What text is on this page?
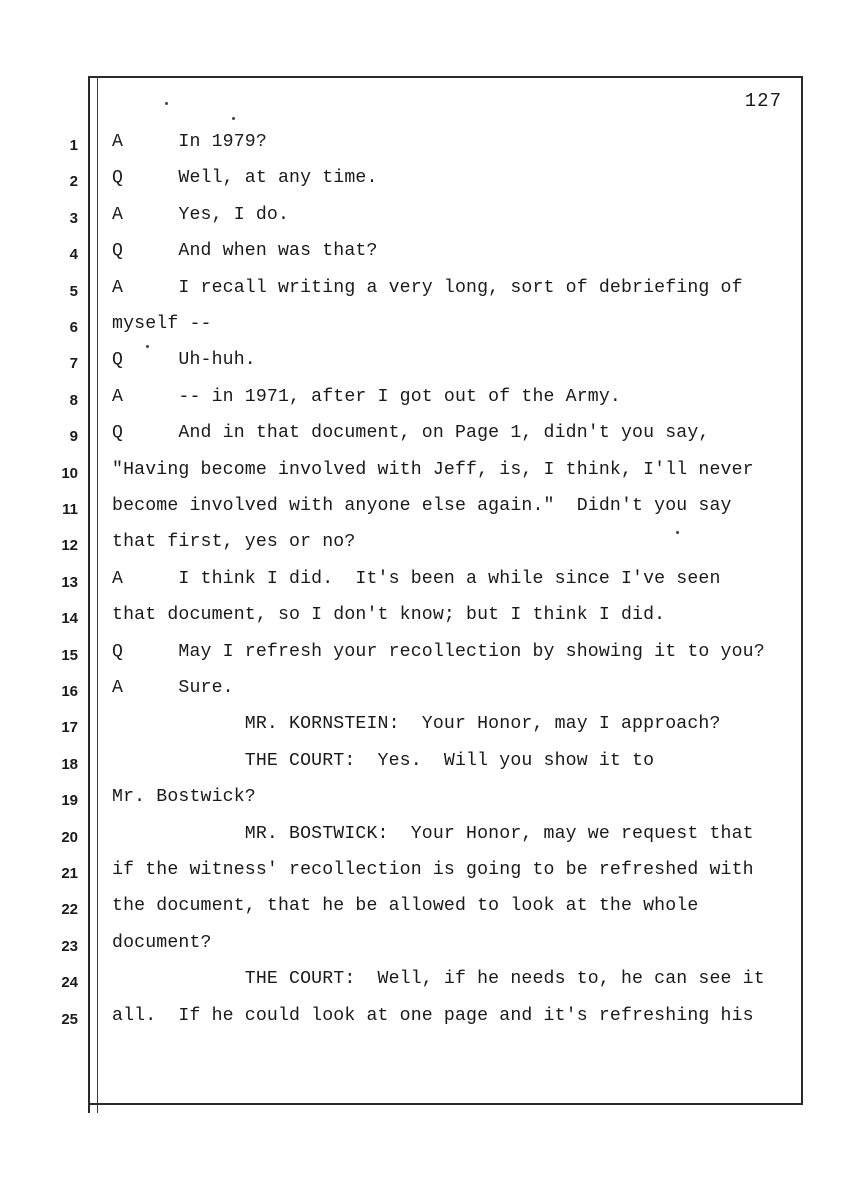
127
1
2
3
4
5
6
7
8
9
10
11
12
13
14
15
16
17
18
19
20
21
22
23
24
25
A     In 1979?
Q     Well, at any time.
A     Yes, I do.
Q     And when was that?
A     I recall writing a very long, sort of debriefing of
myself --
Q     Uh-huh.
A     -- in 1971, after I got out of the Army.
Q     And in that document, on Page 1, didn't you say,
"Having become involved with Jeff, is, I think, I'll never
become involved with anyone else again."  Didn't you say
that first, yes or no?
A     I think I did.  It's been a while since I've seen
that document, so I don't know; but I think I did.
Q     May I refresh your recollection by showing it to you?
A     Sure.
MR. KORNSTEIN:  Your Honor, may I approach?
THE COURT:  Yes.  Will you show it to
Mr. Bostwick?
MR. BOSTWICK:  Your Honor, may we request that
if the witness' recollection is going to be refreshed with
the document, that he be allowed to look at the whole
document?
THE COURT:  Well, if he needs to, he can see it
all.  If he could look at one page and it's refreshing his
